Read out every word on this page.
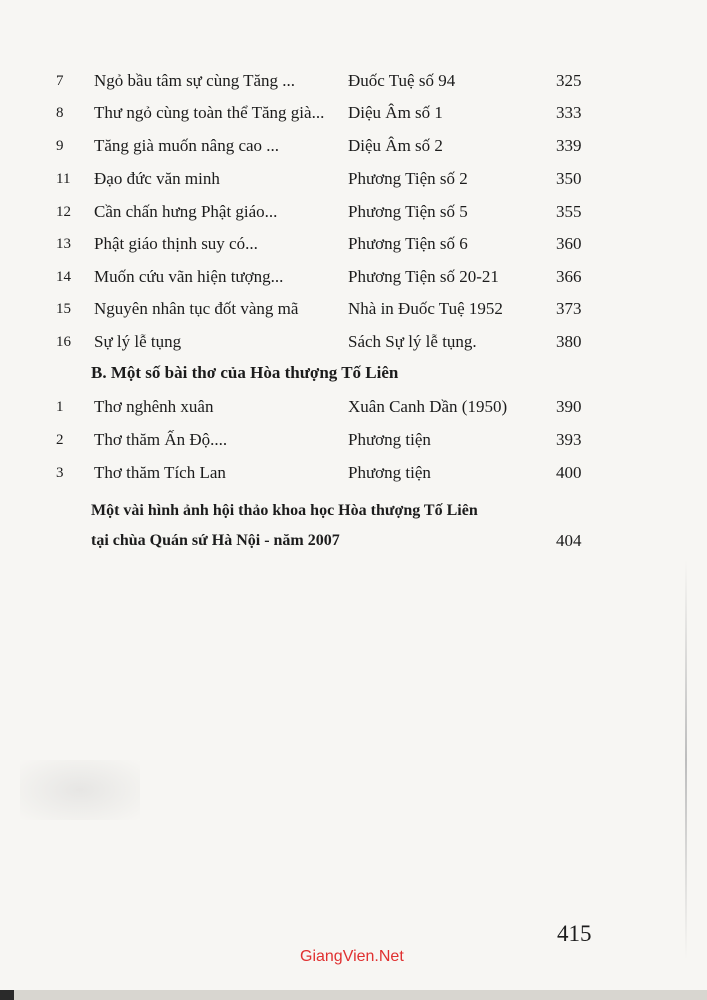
7	Ngỏ bầu tâm sự cùng Tăng ...	Đuốc Tuệ số 94	325
8	Thư ngỏ cùng toàn thể Tăng già...	Diệu Âm số 1	333
9	Tăng già muốn nâng cao ...	Diệu Âm số 2	339
11	Đạo đức văn minh	Phương Tiện số 2	350
12	Cần chấn hưng Phật giáo...	Phương Tiện số 5	355
13	Phật giáo thịnh suy có...	Phương Tiện số 6	360
14	Muốn cứu vãn hiện tượng...	Phương Tiện số 20-21	366
15	Nguyên nhân tục đốt vàng mã	Nhà in Đuốc Tuệ 1952	373
16	Sự lý lễ tụng	Sách Sự lý lễ tụng.	380
B. Một số bài thơ của Hòa thượng Tố Liên
1	Thơ nghênh xuân	Xuân Canh Dần (1950)	390
2	Thơ thăm Ấn Độ....	Phương tiện	393
3	Thơ thăm Tích Lan	Phương tiện	400
Một vài hình ảnh hội thảo khoa học Hòa thượng Tố Liên
tại chùa Quán sứ Hà Nội - năm 2007	404
415
GiangVien.Net
